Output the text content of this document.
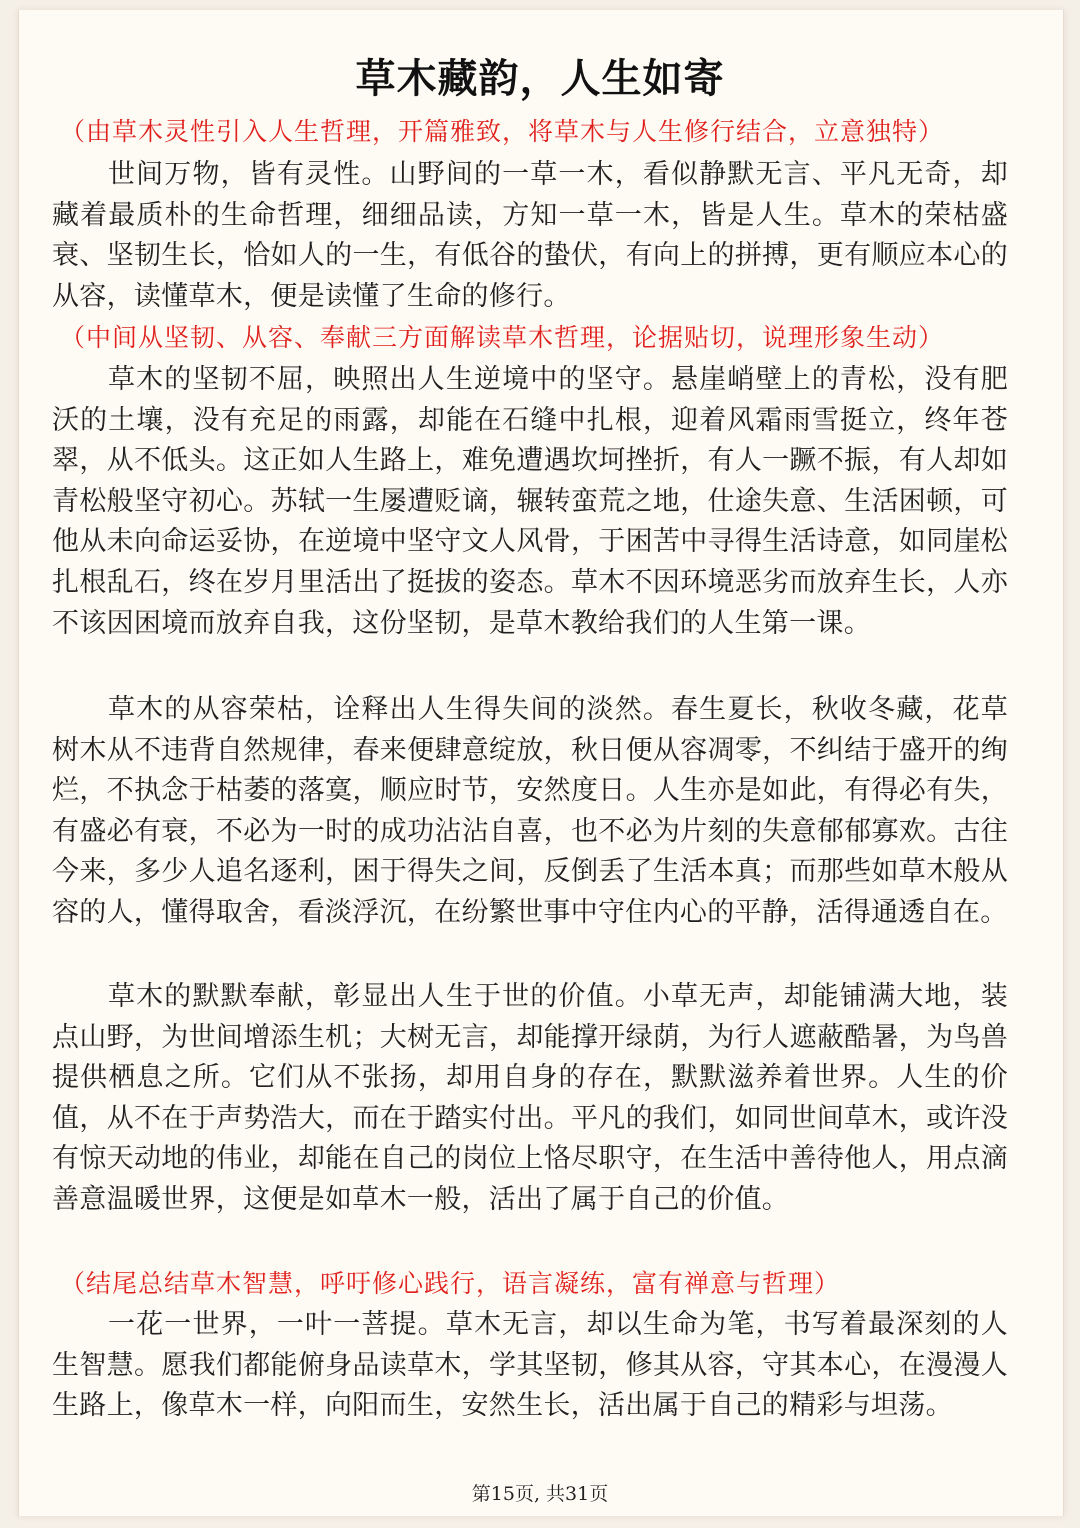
草木藏韵，人生如寄
（由草木灵性引入人生哲理，开篇雅致，将草木与人生修行结合，立意独特）

世间万物，皆有灵性。山野间的一草一木，看似静默无言、平凡无奇，却藏着最质朴的生命哲理，细细品读，方知一草一木，皆是人生。草木的荣枯盛衰、坚韧生长，恰如人的一生，有低谷的蛰伏，有向上的拼搏，更有顺应本心的从容，读懂草木，便是读懂了生命的修行。

（中间从坚韧、从容、奉献三方面解读草木哲理，论据贴切，说理形象生动）

草木的坚韧不屈，映照出人生逆境中的坚守。悬崖峭壁上的青松，没有肥沃的土壤，没有充足的雨露，却能在石缝中扎根，迎着风霜雨雪挺立，终年苍翠，从不低头。这正如人生路上，难免遭遇坎坷挫折，有人一蹶不振，有人却如青松般坚守初心。苏轼一生屡遭贬谪，辗转蛮荒之地，仕途失意、生活困顿，可他从未向命运妥协，在逆境中坚守文人风骨，于困苦中寻得生活诗意，如同崖松扎根乱石，终在岁月里活出了挺拔的姿态。草木不因环境恶劣而放弃生长，人亦不该因困境而放弃自我，这份坚韧，是草木教给我们的人生第一课。

草木的从容荣枯，诠释出人生得失间的淡然。春生夏长，秋收冬藏，花草树木从不违背自然规律，春来便肆意绽放，秋日便从容凋零，不纠结于盛开的绚烂，不执念于枯萎的落寞，顺应时节，安然度日。人生亦是如此，有得必有失，有盛必有衰，不必为一时的成功沾沾自喜，也不必为片刻的失意郁郁寡欢。古往今来，多少人追名逐利，困于得失之间，反倒丢了生活本真；而那些如草木般从容的人，懂得取舍，看淡浮沉，在纷繁世事中守住内心的平静，活得通透自在。

草木的默默奉献，彰显出人生于世的价值。小草无声，却能铺满大地，装点山野，为世间增添生机；大树无言，却能撑开绿荫，为行人遮蔽酷暑，为鸟兽提供栖息之所。它们从不张扬，却用自身的存在，默默滋养着世界。人生的价值，从不在于声势浩大，而在于踏实付出。平凡的我们，如同世间草木，或许没有惊天动地的伟业，却能在自己的岗位上恪尽职守，在生活中善待他人，用点滴善意温暖世界，这便是如草木一般，活出了属于自己的价值。

（结尾总结草木智慧，呼吁修心践行，语言凝练，富有禅意与哲理）

一花一世界，一叶一菩提。草木无言，却以生命为笔，书写着最深刻的人生智慧。愿我们都能俯身品读草木，学其坚韧，修其从容，守其本心，在漫漫人生路上，像草木一样，向阳而生，安然生长，活出属于自己的精彩与坦荡。

第15页, 共31页
